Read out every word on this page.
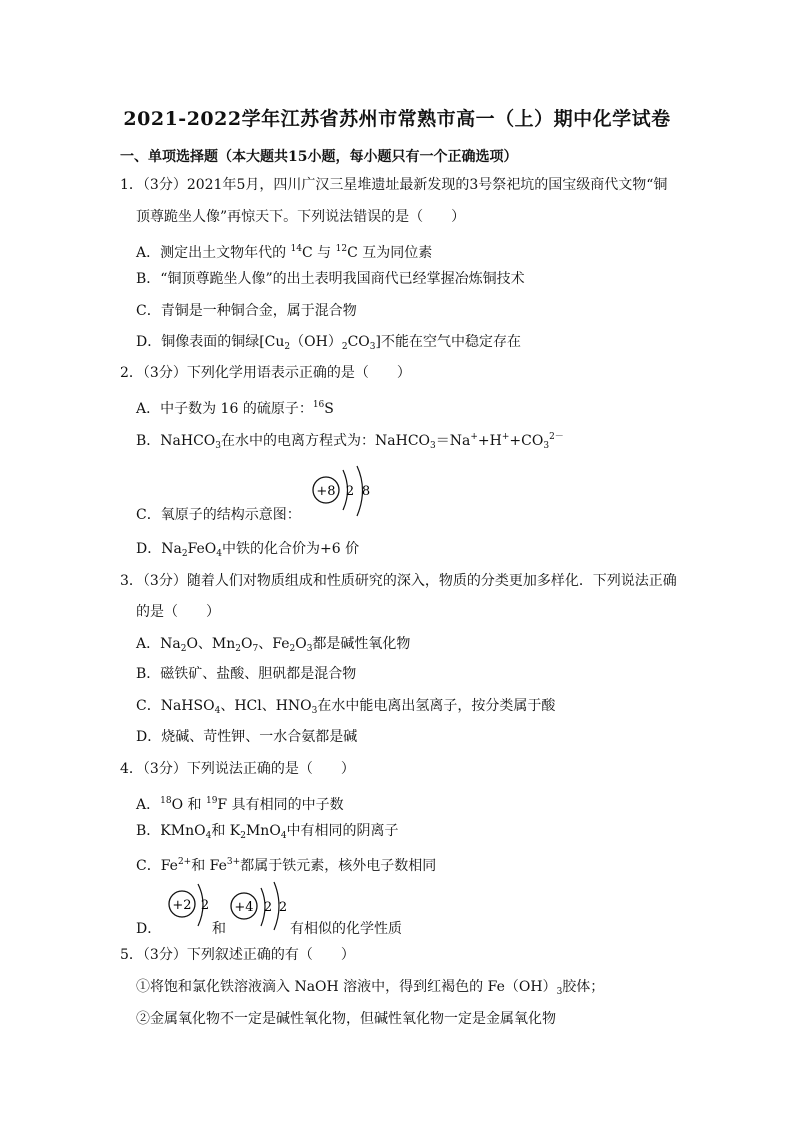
2021-2022学年江苏省苏州市常熟市高一（上）期中化学试卷
一、单项选择题（本大题共15小题，每小题只有一个正确选项）
1．（3分）2021年5月，四川广汉三星堆遗址最新发现的3号祭祀坑的国宝级商代文物“铜
顶尊跪坐人像”再惊天下。下列说法错误的是（　　）
A．测定出土文物年代的 $^{14}$C 与 $^{12}$C 互为同位素
B．“铜顶尊跪坐人像”的出土表明我国商代已经掌握冶炼铜技术
C．青铜是一种铜合金，属于混合物
D．铜像表面的铜绿$[Cu_2(OH)_2CO_3]$不能在空气中稳定存在
2．（3分）下列化学用语表示正确的是（　　）
A．中子数为 16 的硫原子：$^{16}$S
B．NaHCO$_3$在水中的电离方程式为：$NaHCO_3=Na^++H^++CO_3^{2-}$
+8 2 8
C．氧原子的结构示意图：
D．$Na_2FeO_4$中铁的化合价为+6 价
3．（3分）随着人们对物质组成和性质研究的深入，物质的分类更加多样化．下列说法正确
的是（　　）
A．$Na_2O$、$Mn_2O_7$、$Fe_2O_3$都是碱性氧化物
B．磁铁矿、盐酸、胆矾都是混合物
C．NaHSO$_4$、HCl、$HNO_3$在水中能电离出氢离子，按分类属于酸
D．烧碱、苛性钾、一水合氨都是碱
4．（3分）下列说法正确的是（　　）
A．$^{18}$O 和 $^{19}$F 具有相同的中子数
B．KMnO$_4$和 $K_2MnO_4$中有相同的阴离子
C．$Fe^{2+}$和 $Fe^{3+}$都属于铁元素，核外电子数相同
+2 2 +4 2 2
D．	和	有相似的化学性质
5．（3分）下列叙述正确的有（　　）
①将饱和氯化铁溶液滴入 NaOH 溶液中，得到红褐色的 $Fe(OH)_3$胶体；
②金属氧化物不一定是碱性氧化物，但碱性氧化物一定是金属氧化物
